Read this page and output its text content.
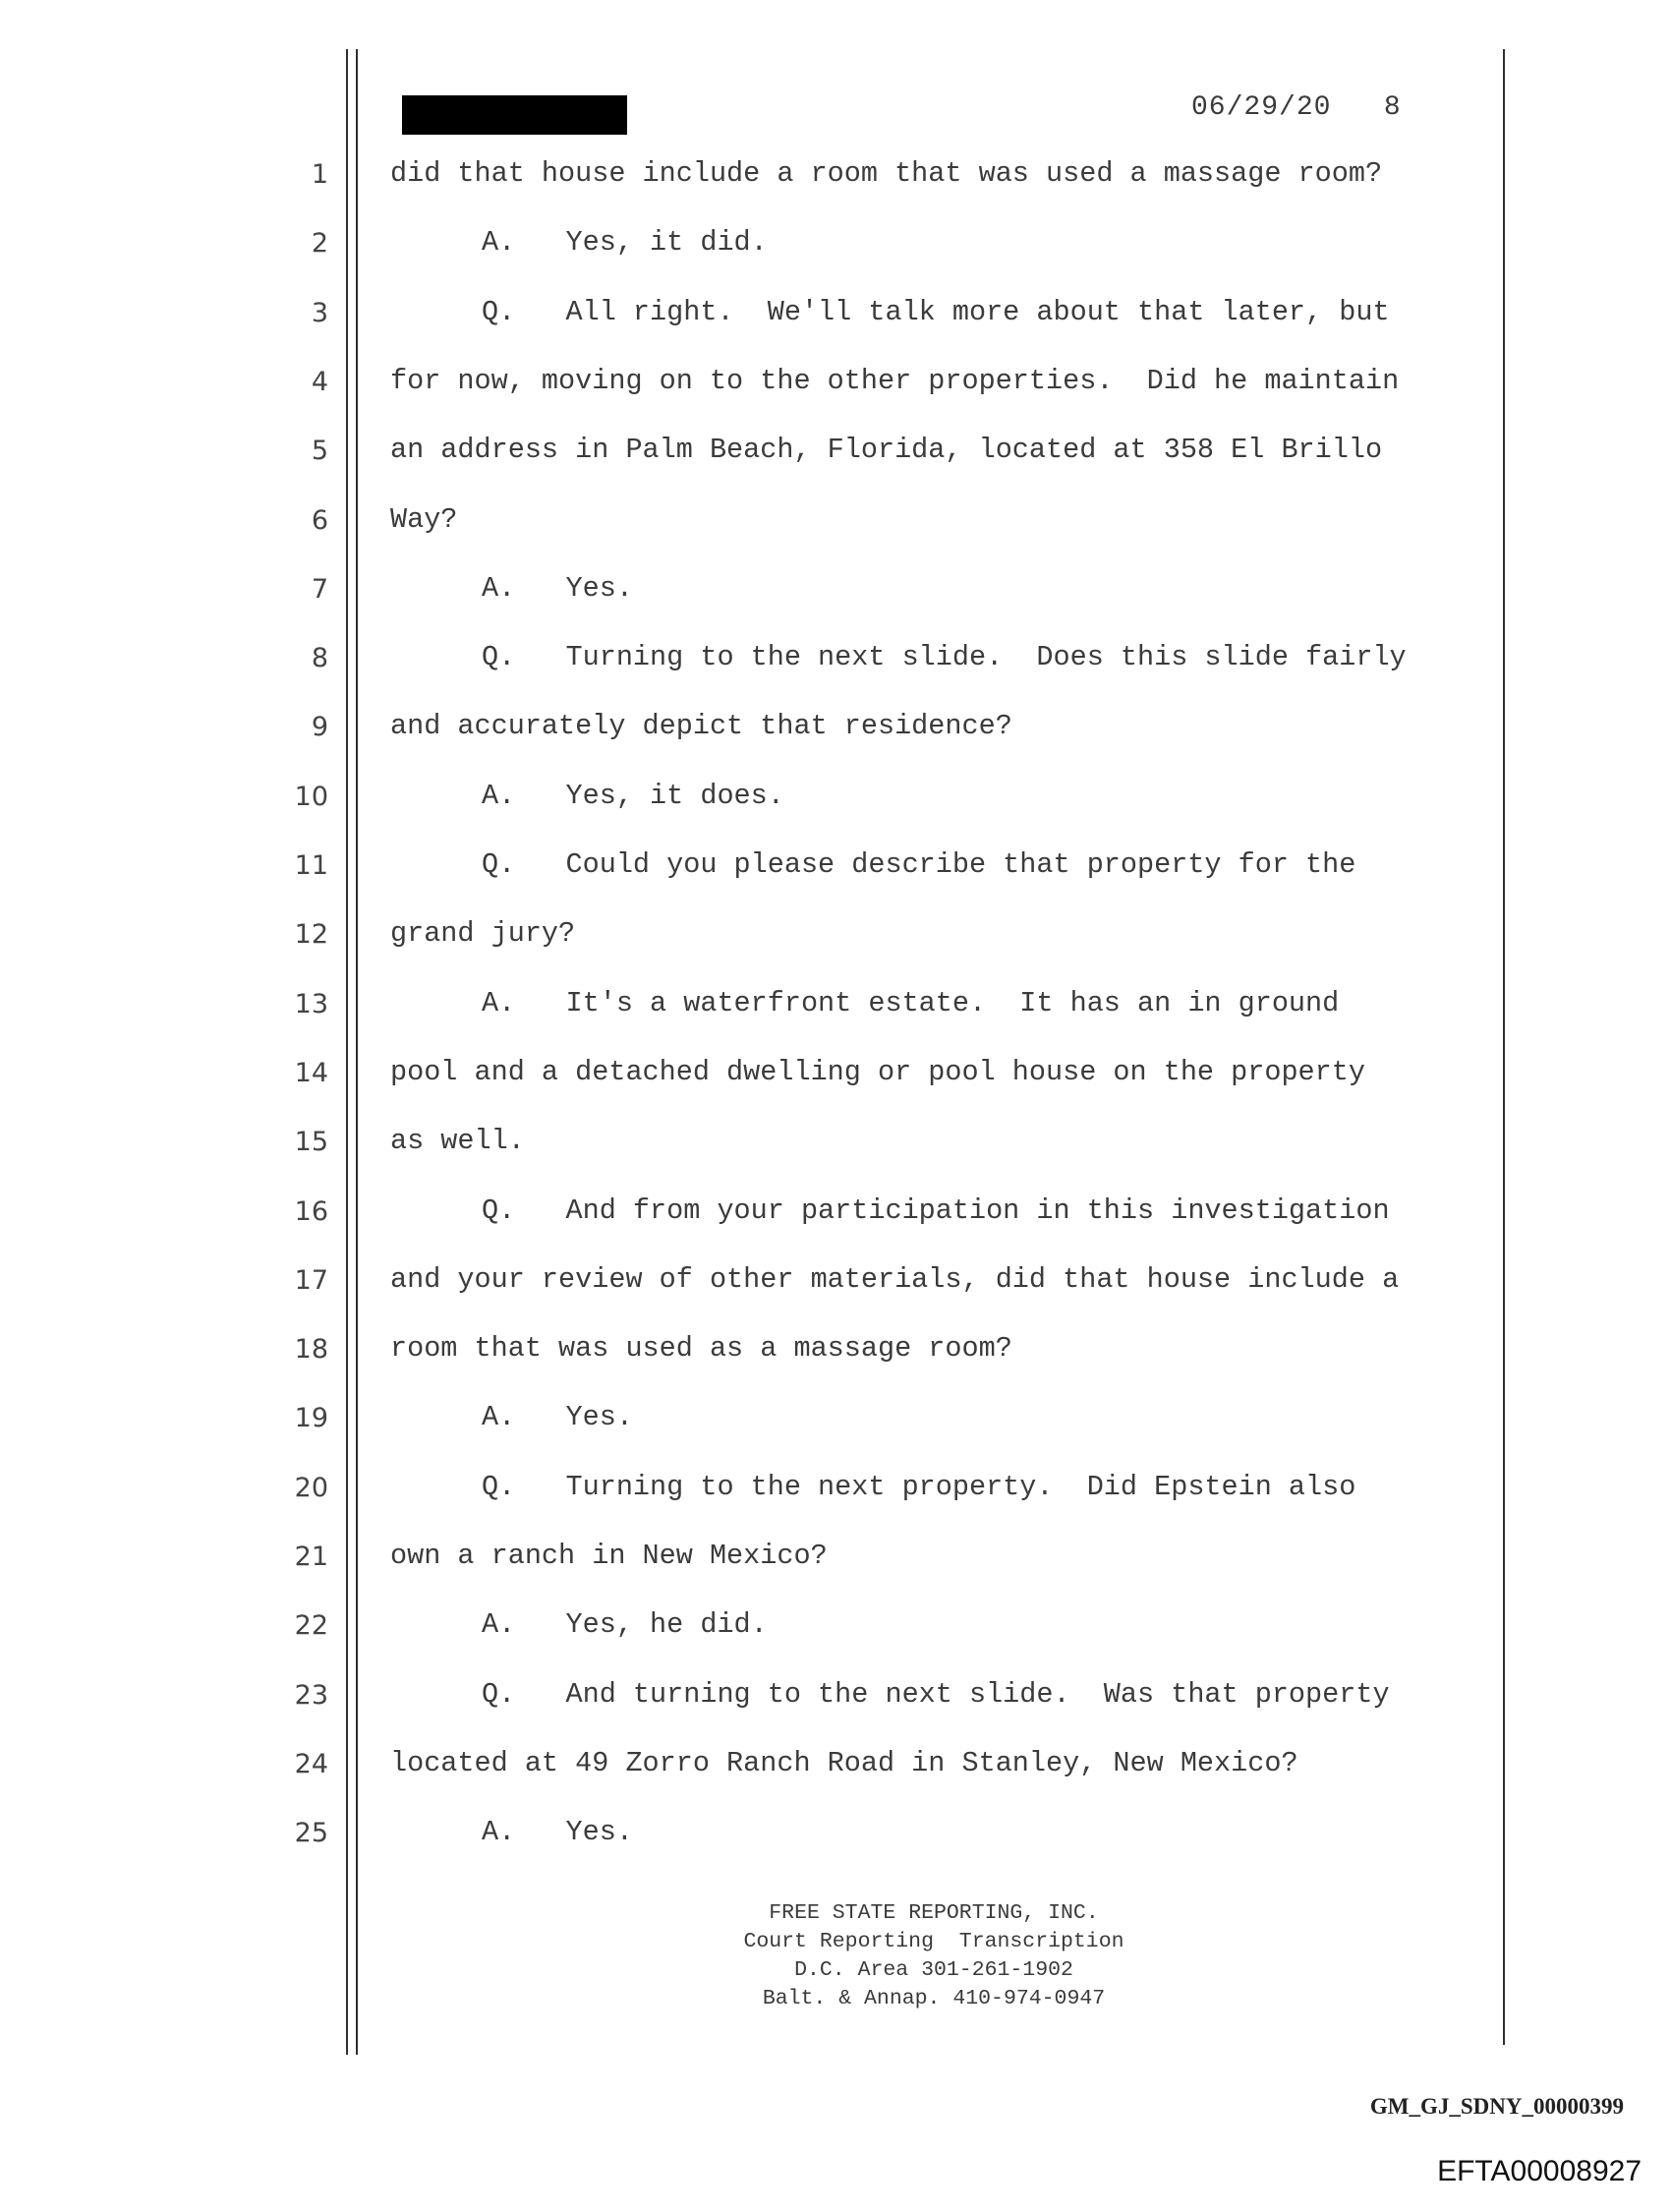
06/29/20 8
1 did that house include a room that was used a massage room?
2	A.   Yes, it did.
3	Q.   All right.  We'll talk more about that later, but
4 for now, moving on to the other properties.  Did he maintain
5 an address in Palm Beach, Florida, located at 358 El Brillo
6 Way?
7	A.   Yes.
8	Q.   Turning to the next slide.  Does this slide fairly
9 and accurately depict that residence?
10	A.   Yes, it does.
11	Q.   Could you please describe that property for the
12 grand jury?
13	A.   It's a waterfront estate.  It has an in ground
14 pool and a detached dwelling or pool house on the property
15 as well.
16	Q.   And from your participation in this investigation
17 and your review of other materials, did that house include a
18 room that was used as a massage room?
19	A.   Yes.
20	Q.   Turning to the next property.  Did Epstein also
21 own a ranch in New Mexico?
22	A.   Yes, he did.
23	Q.   And turning to the next slide.  Was that property
24 located at 49 Zorro Ranch Road in Stanley, New Mexico?
25	A.   Yes.
FREE STATE REPORTING, INC.
Court Reporting  Transcription
D.C. Area 301-261-1902
Balt. & Annap. 410-974-0947
GM_GJ_SDNY_00000399
EFTA00008927
